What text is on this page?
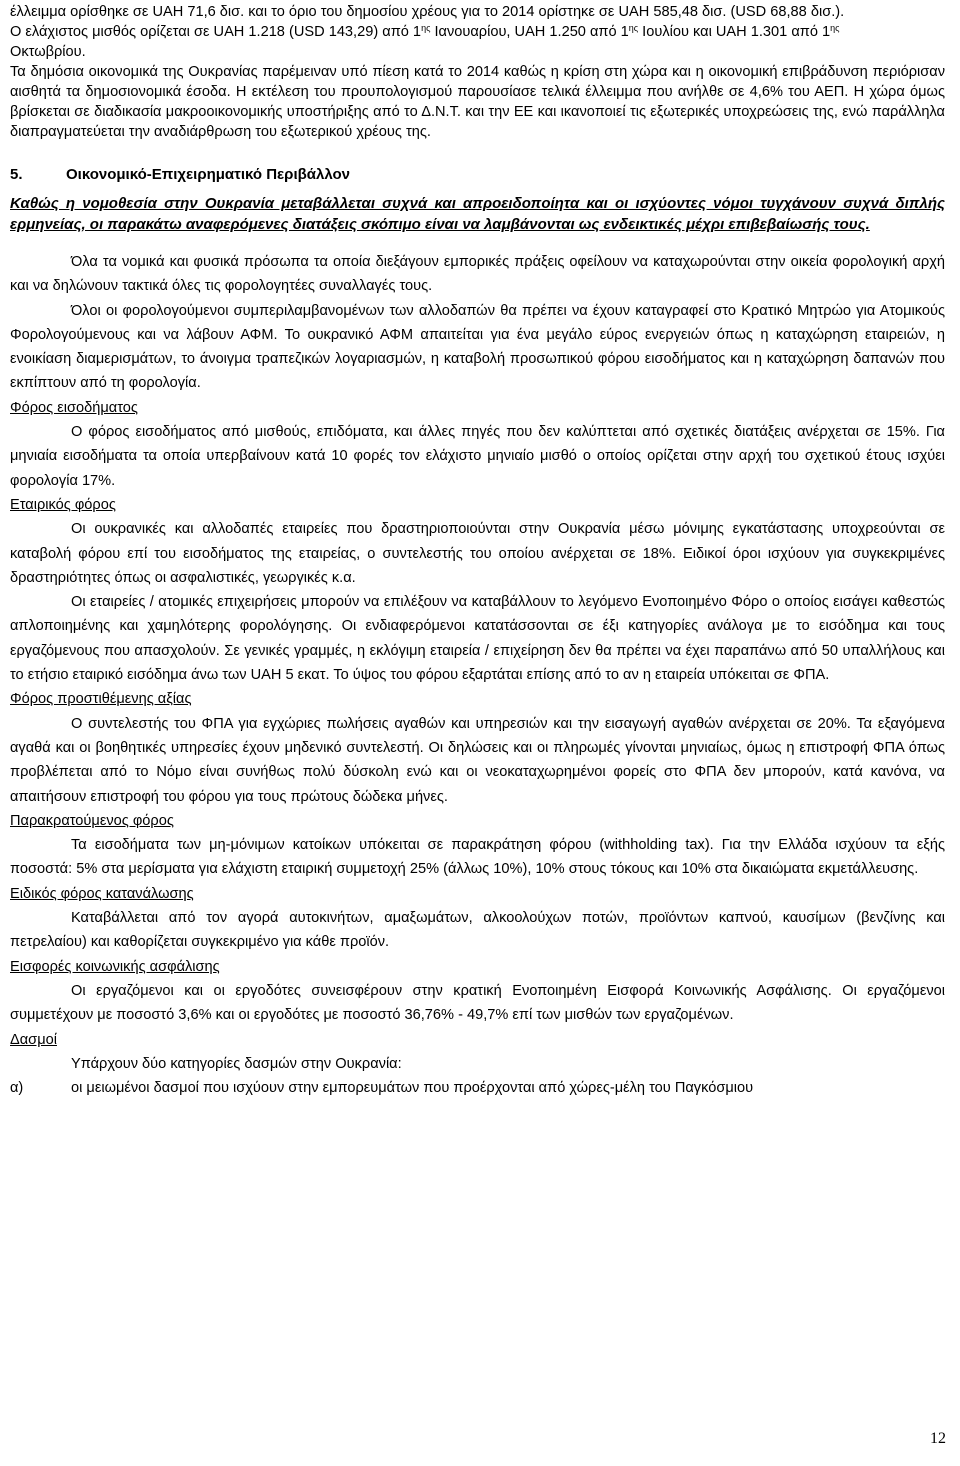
έλλειμμα ορίσθηκε σε UAH 71,6 δισ. και το όριο του δημοσίου χρέους για το 2014 ορίστηκε σε UAH 585,48 δισ. (USD 68,88 δισ.).
Ο ελάχιστος μισθός ορίζεται σε UAH 1.218 (USD 143,29) από $1^{\eta\varsigma}$ Ιανουαρίου, UAH 1.250 από $1^{\eta\varsigma}$ Ιουλίου και UAH 1.301 από $1^{\eta\varsigma}$
Οκτωβρίου.

Τα δημόσια οικονομικά της Ουκρανίας παρέμειναν υπό πίεση κατά το 2014 καθώς η κρίση στη χώρα και η οικονομική επιβράδυνση περιόρισαν αισθητά τα δημοσιονομικά έσοδα. Η εκτέλεση του προυπολογισμού παρουσίασε τελικά έλλειμμα που ανήλθε σε 4,6% του ΑΕΠ. Η χώρα όμως βρίσκεται σε διαδικασία μακροοικονομικής υποστήριξης από το Δ.Ν.Τ. και την ΕΕ και ικανοποιεί τις εξωτερικές υποχρεώσεις της, ενώ παράλληλα διαπραγματεύεται την αναδιάρθρωση του εξωτερικού χρέους της.

5.	Οικονομικό-Επιχειρηματικό Περιβάλλον

Καθώς η νομοθεσία στην Ουκρανία μεταβάλλεται συχνά και απροειδοποίητα και οι ισχύοντες νόμοι τυγχάνουν συχνά διπλής ερμηνείας, οι παρακάτω αναφερόμενες διατάξεις σκόπιμο είναι να λαμβάνονται ως ενδεικτικές μέχρι επιβεβαίωσής τους.

Όλα τα νομικά και φυσικά πρόσωπα τα οποία διεξάγουν εμπορικές πράξεις οφείλουν να καταχωρούνται στην οικεία φορολογική αρχή και να δηλώνουν τακτικά όλες τις φορολογητέες συναλλαγές τους.

Όλοι οι φορολογούμενοι συμπεριλαμβανομένων των αλλοδαπών θα πρέπει να έχουν καταγραφεί στο Κρατικό Μητρώο για Ατομικούς Φορολογούμενους και να λάβουν ΑΦΜ. Το ουκρανικό ΑΦΜ απαιτείται για ένα μεγάλο εύρος ενεργειών όπως η καταχώρηση εταιρειών, η ενοικίαση διαμερισμάτων, το άνοιγμα τραπεζικών λογαριασμών, η καταβολή προσωπικού φόρου εισοδήματος και η καταχώρηση δαπανών που εκπίπτουν από τη φορολογία.

Φόρος εισοδήματος

Ο φόρος εισοδήματος από μισθούς, επιδόματα, και άλλες πηγές που δεν καλύπτεται από σχετικές διατάξεις ανέρχεται σε 15%. Για μηνιαία εισοδήματα τα οποία υπερβαίνουν κατά 10 φορές τον ελάχιστο μηνιαίο μισθό ο οποίος ορίζεται στην αρχή του σχετικού έτους ισχύει φορολογία 17%.

Εταιρικός φόρος

Οι ουκρανικές και αλλοδαπές εταιρείες που δραστηριοποιούνται στην Ουκρανία μέσω μόνιμης εγκατάστασης υποχρεούνται σε καταβολή φόρου επί του εισοδήματος της εταιρείας, ο συντελεστής του οποίου ανέρχεται σε 18%. Ειδικοί όροι ισχύουν για συγκεκριμένες δραστηριότητες όπως οι ασφαλιστικές, γεωργικές κ.α.

Οι εταιρείες / ατομικές επιχειρήσεις μπορούν να επιλέξουν να καταβάλλουν το λεγόμενο Ενοποιημένο Φόρο ο οποίος εισάγει καθεστώς απλοποιημένης και χαμηλότερης φορολόγησης. Οι ενδιαφερόμενοι κατατάσσονται σε έξι κατηγορίες ανάλογα με το εισόδημα και τους εργαζόμενους που απασχολούν. Σε γενικές γραμμές, η εκλόγιμη εταιρεία / επιχείρηση δεν θα πρέπει να έχει παραπάνω από 50 υπαλλήλους και το ετήσιο εταιρικό εισόδημα άνω των UAH 5 εκατ. Το ύψος του φόρου εξαρτάται επίσης από το αν η εταιρεία υπόκειται σε ΦΠΑ.

Φόρος προστιθέμενης αξίας

Ο συντελεστής του ΦΠΑ για εγχώριες πωλήσεις αγαθών και υπηρεσιών και την εισαγωγή αγαθών ανέρχεται σε 20%. Τα εξαγόμενα αγαθά και οι βοηθητικές υπηρεσίες έχουν μηδενικό συντελεστή. Οι δηλώσεις και οι πληρωμές γίνονται μηνιαίως, όμως η επιστροφή ΦΠΑ όπως προβλέπεται από το Νόμο είναι συνήθως πολύ δύσκολη ενώ και οι νεοκαταχωρημένοι φορείς στο ΦΠΑ δεν μπορούν, κατά κανόνα, να απαιτήσουν επιστροφή του φόρου για τους πρώτους δώδεκα μήνες.

Παρακρατούμενος φόρος

Τα εισοδήματα των μη-μόνιμων κατοίκων υπόκειται σε παρακράτηση φόρου (withholding tax). Για την Ελλάδα ισχύουν τα εξής ποσοστά: 5% στα μερίσματα για ελάχιστη εταιρική συμμετοχή 25% (άλλως 10%), 10% στους τόκους και 10% στα δικαιώματα εκμετάλλευσης.

Ειδικός φόρος κατανάλωσης

Καταβάλλεται από τον αγορά αυτοκινήτων, αμαξωμάτων, αλκοολούχων ποτών, προϊόντων καπνού, καυσίμων (βενζίνης και πετρελαίου) και καθορίζεται συγκεκριμένο για κάθε προϊόν.

Εισφορές κοινωνικής ασφάλισης

Οι εργαζόμενοι και οι εργοδότες συνεισφέρουν στην κρατική Ενοποιημένη Εισφορά Κοινωνικής Ασφάλισης. Οι εργαζόμενοι συμμετέχουν με ποσοστό 3,6% και οι εργοδότες με ποσοστό 36,76% - 49,7% επί των μισθών των εργαζομένων.

Δασμοί

Υπάρχουν δύο κατηγορίες δασμών στην Ουκρανία:

α)	οι μειωμένοι δασμοί που ισχύουν στην εμπορευμάτων που προέρχονται από χώρες-μέλη του Παγκόσμιου
12
